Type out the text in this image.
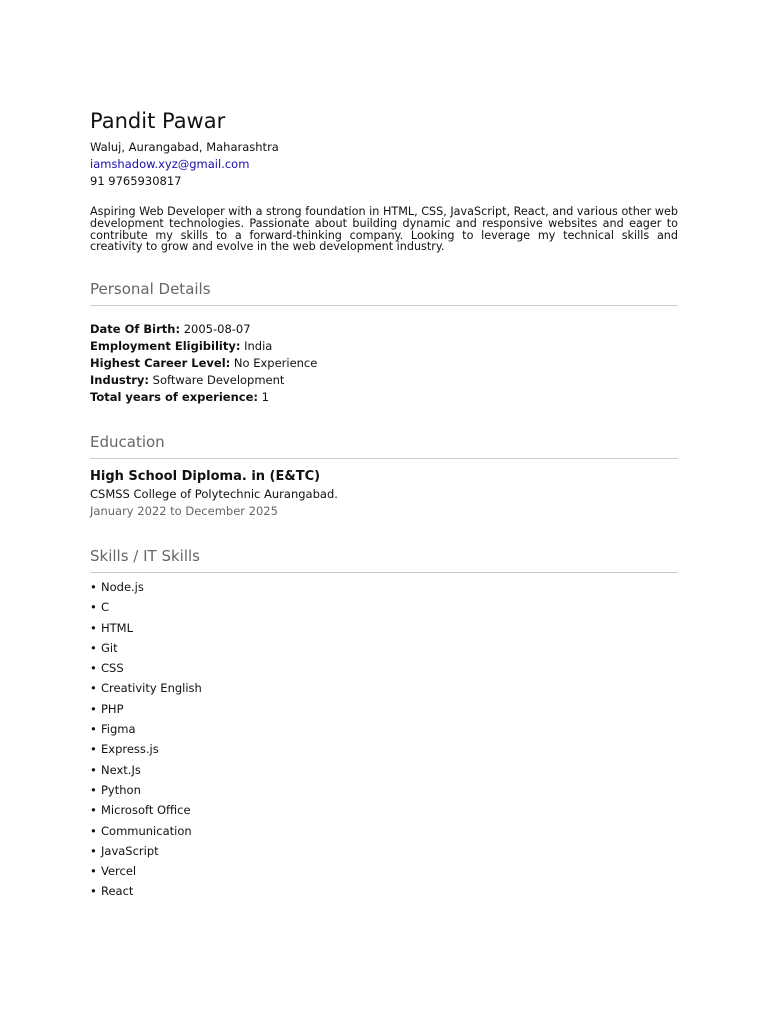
Pandit Pawar
Waluj, Aurangabad, Maharashtra
iamshadow.xyz@gmail.com
91 9765930817

Aspiring Web Developer with a strong foundation in HTML, CSS, JavaScript, React, and various other web development technologies. Passionate about building dynamic and responsive websites and eager to contribute my skills to a forward-thinking company. Looking to leverage my technical skills and creativity to grow and evolve in the web development industry.

Personal Details
Date Of Birth: 2005-08-07
Employment Eligibility: India
Highest Career Level: No Experience
Industry: Software Development
Total years of experience: 1
Education
High School Diploma. in (E&TC)
CSMSS College of Polytechnic Aurangabad.
January 2022 to December 2025
Skills / IT Skills
• Node.js
• C
• HTML
• Git
• CSS
• Creativity English
• PHP
• Figma
• Express.js
• Next.Js
• Python
• Microsoft Office
• Communication
• JavaScript
• Vercel
• React
